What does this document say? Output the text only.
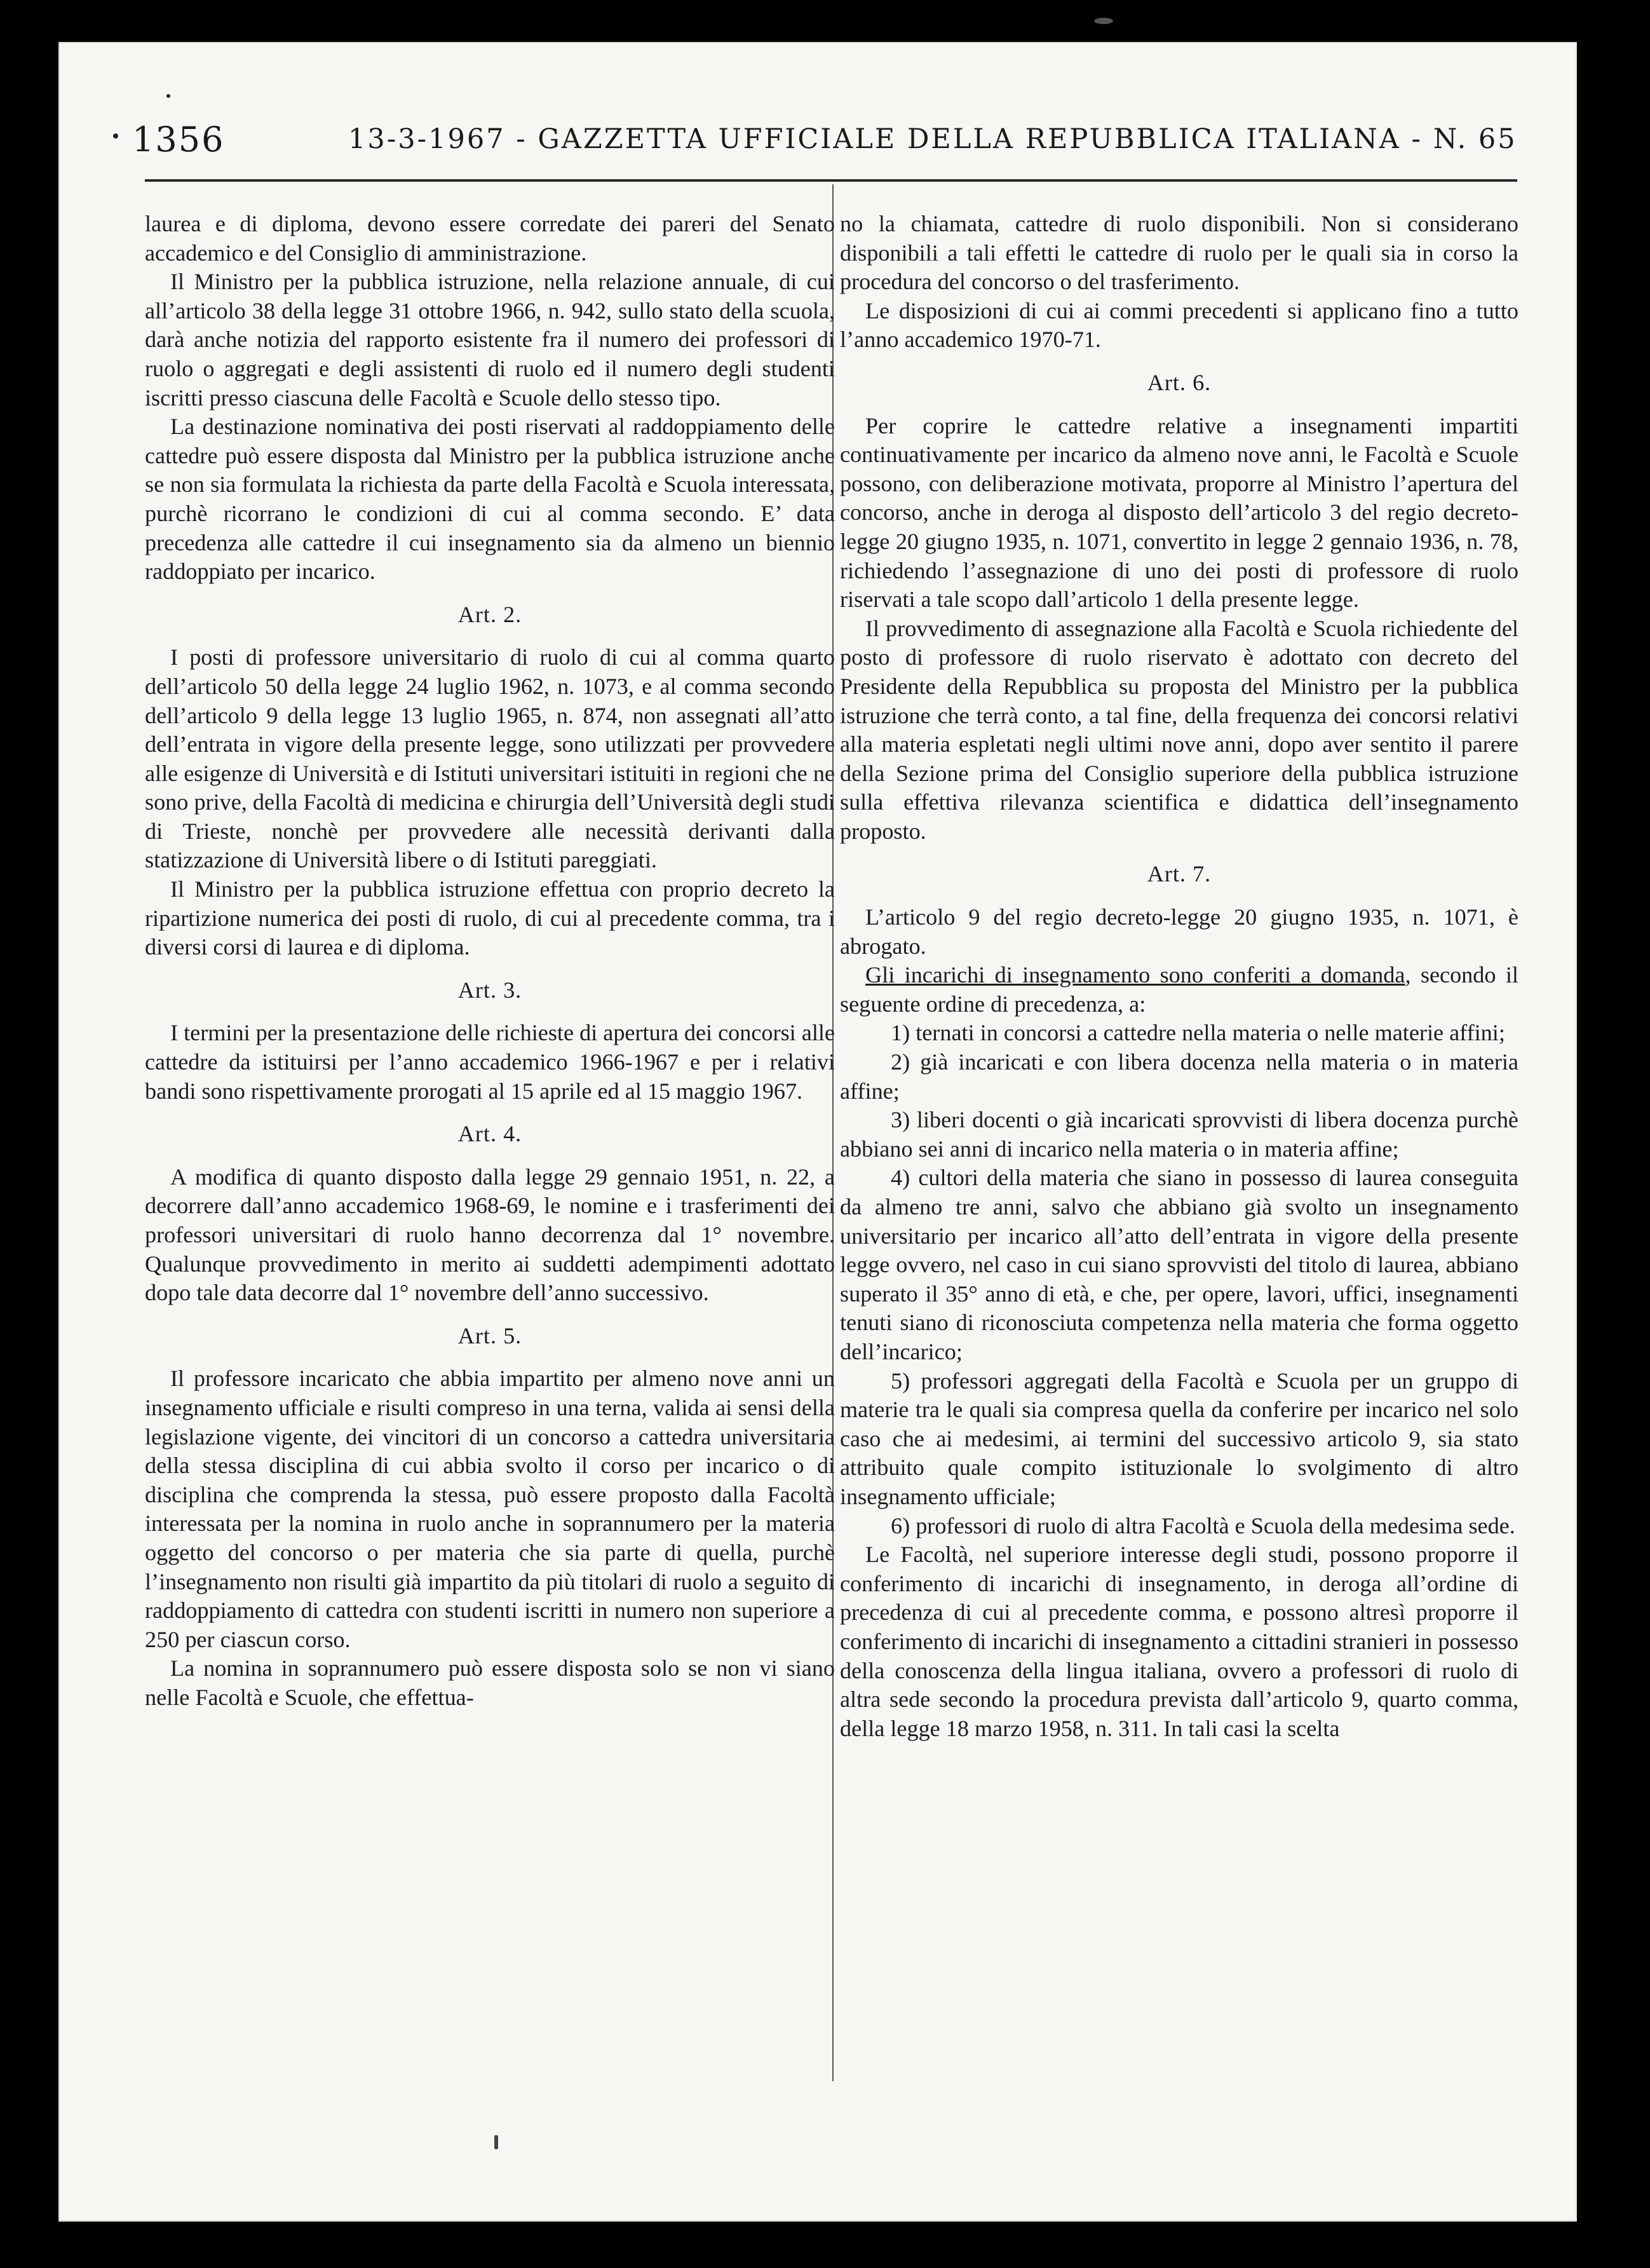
1356	13-3-1967 - GAZZETTA UFFICIALE DELLA REPUBBLICA ITALIANA - N. 65

laurea e di diploma, devono essere corredate dei pareri del Senato accademico e del Consiglio di amministrazione.

Il Ministro per la pubblica istruzione, nella relazione annuale, di cui all’articolo 38 della legge 31 ottobre 1966, n. 942, sullo stato della scuola, darà anche notizia del rapporto esistente fra il numero dei professori di ruolo o aggregati e degli assistenti di ruolo ed il numero degli studenti iscritti presso ciascuna delle Facoltà e Scuole dello stesso tipo.

La destinazione nominativa dei posti riservati al raddoppiamento delle cattedre può essere disposta dal Ministro per la pubblica istruzione anche se non sia formulata la richiesta da parte della Facoltà e Scuola interessata, purchè ricorrano le condizioni di cui al comma secondo. E’ data precedenza alle cattedre il cui insegnamento sia da almeno un biennio raddoppiato per incarico.

Art. 2.

I posti di professore universitario di ruolo di cui al comma quarto dell’articolo 50 della legge 24 luglio 1962, n. 1073, e al comma secondo dell’articolo 9 della legge 13 luglio 1965, n. 874, non assegnati all’atto dell’entrata in vigore della presente legge, sono utilizzati per provvedere alle esigenze di Università e di Istituti universitari istituiti in regioni che ne sono prive, della Facoltà di medicina e chirurgia dell’Università degli studi di Trieste, nonchè per provvedere alle necessità derivanti dalla statizzazione di Università libere o di Istituti pareggiati.

Il Ministro per la pubblica istruzione effettua con proprio decreto la ripartizione numerica dei posti di ruolo, di cui al precedente comma, tra i diversi corsi di laurea e di diploma.

Art. 3.

I termini per la presentazione delle richieste di apertura dei concorsi alle cattedre da istituirsi per l’anno accademico 1966-1967 e per i relativi bandi sono rispettivamente prorogati al 15 aprile ed al 15 maggio 1967.

Art. 4.

A modifica di quanto disposto dalla legge 29 gennaio 1951, n. 22, a decorrere dall’anno accademico 1968-69, le nomine e i trasferimenti dei professori universitari di ruolo hanno decorrenza dal 1° novembre. Qualunque provvedimento in merito ai suddetti adempimenti adottato dopo tale data decorre dal 1° novembre dell’anno successivo.

Art. 5.

Il professore incaricato che abbia impartito per almeno nove anni un insegnamento ufficiale e risulti compreso in una terna, valida ai sensi della legislazione vigente, dei vincitori di un concorso a cattedra universitaria della stessa disciplina di cui abbia svolto il corso per incarico o di disciplina che comprenda la stessa, può essere proposto dalla Facoltà interessata per la nomina in ruolo anche in soprannumero per la materia oggetto del concorso o per materia che sia parte di quella, purchè l’insegnamento non risulti già impartito da più titolari di ruolo a seguito di raddoppiamento di cattedra con studenti iscritti in numero non superiore a 250 per ciascun corso.

La nomina in soprannumero può essere disposta solo se non vi siano nelle Facoltà e Scuole, che effettua-

no la chiamata, cattedre di ruolo disponibili. Non si considerano disponibili a tali effetti le cattedre di ruolo per le quali sia in corso la procedura del concorso o del trasferimento.

Le disposizioni di cui ai commi precedenti si applicano fino a tutto l’anno accademico 1970-71.

Art. 6.

Per coprire le cattedre relative a insegnamenti impartiti continuativamente per incarico da almeno nove anni, le Facoltà e Scuole possono, con deliberazione motivata, proporre al Ministro l’apertura del concorso, anche in deroga al disposto dell’articolo 3 del regio decreto-legge 20 giugno 1935, n. 1071, convertito in legge 2 gennaio 1936, n. 78, richiedendo l’assegnazione di uno dei posti di professore di ruolo riservati a tale scopo dall’articolo 1 della presente legge.

Il provvedimento di assegnazione alla Facoltà e Scuola richiedente del posto di professore di ruolo riservato è adottato con decreto del Presidente della Repubblica su proposta del Ministro per la pubblica istruzione che terrà conto, a tal fine, della frequenza dei concorsi relativi alla materia espletati negli ultimi nove anni, dopo aver sentito il parere della Sezione prima del Consiglio superiore della pubblica istruzione sulla effettiva rilevanza scientifica e didattica dell’insegnamento proposto.

Art. 7.

L’articolo 9 del regio decreto-legge 20 giugno 1935, n. 1071, è abrogato.

Gli incarichi di insegnamento sono conferiti a domanda, secondo il seguente ordine di precedenza, a:

1) ternati in concorsi a cattedre nella materia o nelle materie affini;

2) già incaricati e con libera docenza nella materia o in materia affine;

3) liberi docenti o già incaricati sprovvisti di libera docenza purchè abbiano sei anni di incarico nella materia o in materia affine;

4) cultori della materia che siano in possesso di laurea conseguita da almeno tre anni, salvo che abbiano già svolto un insegnamento universitario per incarico all’atto dell’entrata in vigore della presente legge ovvero, nel caso in cui siano sprovvisti del titolo di laurea, abbiano superato il 35° anno di età, e che, per opere, lavori, uffici, insegnamenti tenuti siano di riconosciuta competenza nella materia che forma oggetto dell’incarico;

5) professori aggregati della Facoltà e Scuola per un gruppo di materie tra le quali sia compresa quella da conferire per incarico nel solo caso che ai medesimi, ai termini del successivo articolo 9, sia stato attribuito quale compito istituzionale lo svolgimento di altro insegnamento ufficiale;

6) professori di ruolo di altra Facoltà e Scuola della medesima sede.

Le Facoltà, nel superiore interesse degli studi, possono proporre il conferimento di incarichi di insegnamento, in deroga all’ordine di precedenza di cui al precedente comma, e possono altresì proporre il conferimento di incarichi di insegnamento a cittadini stranieri in possesso della conoscenza della lingua italiana, ovvero a professori di ruolo di altra sede secondo la procedura prevista dall’articolo 9, quarto comma, della legge 18 marzo 1958, n. 311. In tali casi la scelta
